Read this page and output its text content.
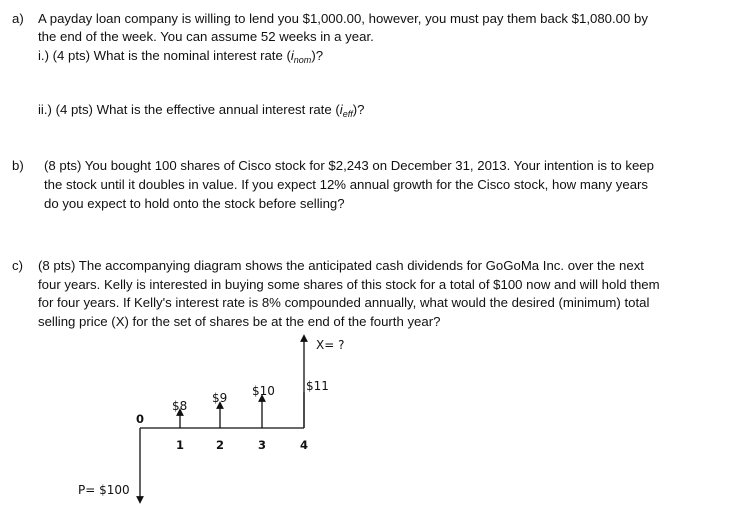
a) A payday loan company is willing to lend you $1,000.00, however, you must pay them back $1,080.00 by
the end of the week. You can assume 52 weeks in a year.
i.) (4 pts) What is the nominal interest rate $(i_{nom})$?
ii.) (4 pts) What is the effective annual interest rate $(i_{eff})$?
b) (8 pts) You bought 100 shares of Cisco stock for $2,243 on December 31, 2013. Your intention is to keep
the stock until it doubles in value. If you expect 12% annual growth for the Cisco stock, how many years
do you expect to hold onto the stock before selling?
c) (8 pts) The accompanying diagram shows the anticipated cash dividends for GoGoMa Inc. over the next
four years. Kelly is interested in buying some shares of this stock for a total of $100 now and will hold them
for four years. If Kelly's interest rate is 8% compounded annually, what would the desired (minimum) total
selling price (X) for the set of shares be at the end of the fourth year?
X= ?
P= $100
$8
$9 $10	$11
0
1	2	3	4
